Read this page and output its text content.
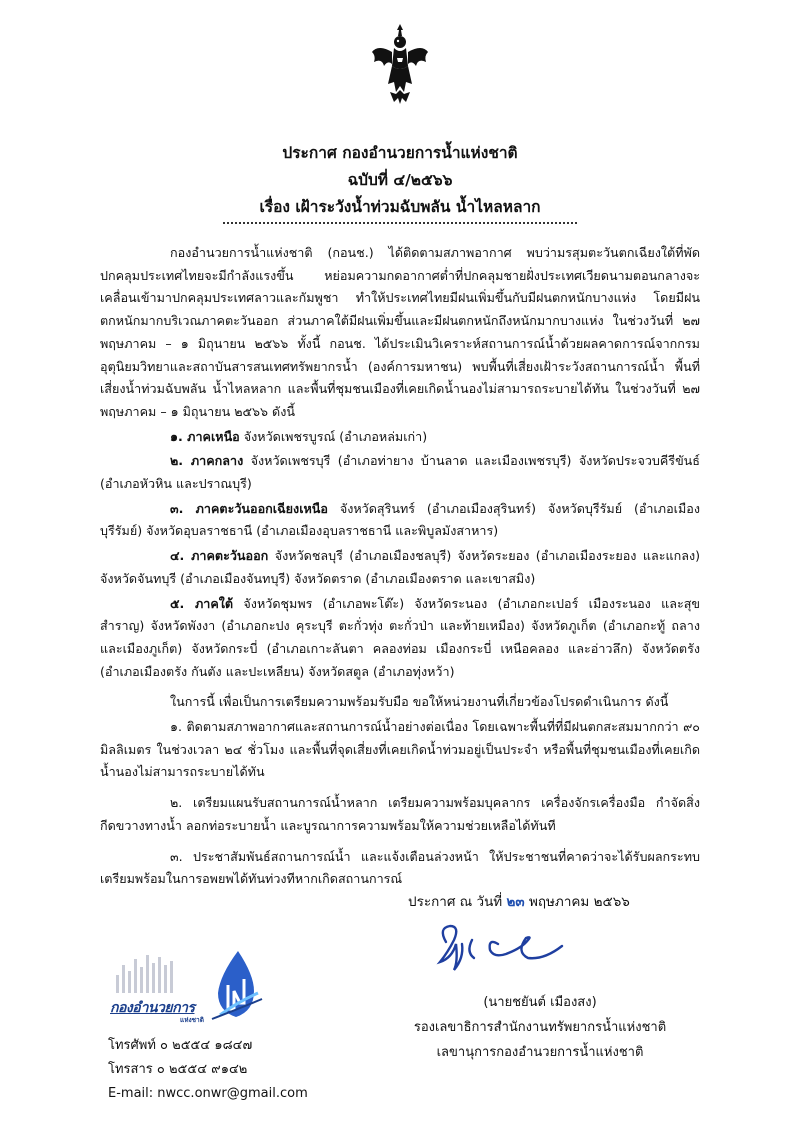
ประกาศ กองอำนวยการน้ำแห่งชาติ
ฉบับที่ ๔/๒๕๖๖
เรื่อง เฝ้าระวังน้ำท่วมฉับพลัน น้ำไหลหลาก

กองอำนวยการน้ำแห่งชาติ (กอนช.) ได้ติดตามสภาพอากาศ พบว่ามรสุมตะวันตกเฉียงใต้ที่พัดปกคลุมประเทศไทยจะมีกำลังแรงขึ้น หย่อมความกดอากาศต่ำที่ปกคลุมชายฝั่งประเทศเวียดนามตอนกลางจะเคลื่อนเข้ามาปกคลุมประเทศลาวและกัมพูชา ทำให้ประเทศไทยมีฝนเพิ่มขึ้นกับมีฝนตกหนักบางแห่ง โดยมีฝนตกหนักมากบริเวณภาคตะวันออก ส่วนภาคใต้มีฝนเพิ่มขึ้นและมีฝนตกหนักถึงหนักมากบางแห่ง ในช่วงวันที่ ๒๗ พฤษภาคม – ๑ มิถุนายน ๒๕๖๖ ทั้งนี้ กอนช. ได้ประเมินวิเคราะห์สถานการณ์น้ำด้วยผลคาดการณ์จากกรมอุตุนิยมวิทยาและสถาบันสารสนเทศทรัพยากรน้ำ (องค์การมหาชน) พบพื้นที่เสี่ยงเฝ้าระวังสถานการณ์น้ำ พื้นที่เสี่ยงน้ำท่วมฉับพลัน น้ำไหลหลาก และพื้นที่ชุมชนเมืองที่เคยเกิดน้ำนองไม่สามารถระบายได้ทัน ในช่วงวันที่ ๒๗ พฤษภาคม – ๑ มิถุนายน ๒๕๖๖ ดังนี้

๑. ภาคเหนือ จังหวัดเพชรบูรณ์ (อำเภอหล่มเก่า)

๒. ภาคกลาง จังหวัดเพชรบุรี (อำเภอท่ายาง บ้านลาด และเมืองเพชรบุรี) จังหวัดประจวบคีรีขันธ์ (อำเภอหัวหิน และปราณบุรี)

๓. ภาคตะวันออกเฉียงเหนือ จังหวัดสุรินทร์ (อำเภอเมืองสุรินทร์) จังหวัดบุรีรัมย์ (อำเภอเมืองบุรีรัมย์) จังหวัดอุบลราชธานี (อำเภอเมืองอุบลราชธานี และพิบูลมังสาหาร)

๔. ภาคตะวันออก จังหวัดชลบุรี (อำเภอเมืองชลบุรี) จังหวัดระยอง (อำเภอเมืองระยอง และแกลง) จังหวัดจันทบุรี (อำเภอเมืองจันทบุรี) จังหวัดตราด (อำเภอเมืองตราด และเขาสมิง)

๕. ภาคใต้ จังหวัดชุมพร (อำเภอพะโต๊ะ) จังหวัดระนอง (อำเภอกะเปอร์ เมืองระนอง และสุขสำราญ) จังหวัดพังงา (อำเภอกะปง คุระบุรี ตะกั่วทุ่ง ตะกั่วป่า และท้ายเหมือง) จังหวัดภูเก็ต (อำเภอกะทู้ ถลาง และเมืองภูเก็ต) จังหวัดกระบี่ (อำเภอเกาะลันตา คลองท่อม เมืองกระบี่ เหนือคลอง และอ่าวลึก) จังหวัดตรัง (อำเภอเมืองตรัง กันตัง และปะเหลียน) จังหวัดสตูล (อำเภอทุ่งหว้า)

ในการนี้ เพื่อเป็นการเตรียมความพร้อมรับมือ ขอให้หน่วยงานที่เกี่ยวข้องโปรดดำเนินการ ดังนี้

๑. ติดตามสภาพอากาศและสถานการณ์น้ำอย่างต่อเนื่อง โดยเฉพาะพื้นที่ที่มีฝนตกสะสมมากกว่า ๙๐ มิลลิเมตร ในช่วงเวลา ๒๔ ชั่วโมง และพื้นที่จุดเสี่ยงที่เคยเกิดน้ำท่วมอยู่เป็นประจำ หรือพื้นที่ชุมชนเมืองที่เคยเกิดน้ำนองไม่สามารถระบายได้ทัน

๒. เตรียมแผนรับสถานการณ์น้ำหลาก เตรียมความพร้อมบุคลากร เครื่องจักรเครื่องมือ กำจัดสิ่งกีดขวางทางน้ำ ลอกท่อระบายน้ำ และบูรณาการความพร้อมให้ความช่วยเหลือได้ทันที

๓. ประชาสัมพันธ์สถานการณ์น้ำ และแจ้งเตือนล่วงหน้า ให้ประชาชนที่คาดว่าจะได้รับผลกระทบเตรียมพร้อมในการอพยพได้ทันท่วงทีหากเกิดสถานการณ์

ประกาศ ณ วันที่ ๒๓ พฤษภาคม ๒๕๖๖
(นายชยันต์ เมืองสง)
รองเลขาธิการสำนักงานทรัพยากรน้ำแห่งชาติ
เลขานุการกองอำนวยการน้ำแห่งชาติ
กองอำนวยการ
แห่งชาติ
โทรศัพท์ ๐ ๒๕๕๔ ๑๘๔๗
โทรสาร ๐ ๒๕๕๔ ๙๑๔๒
E-mail: nwcc.onwr@gmail.com
